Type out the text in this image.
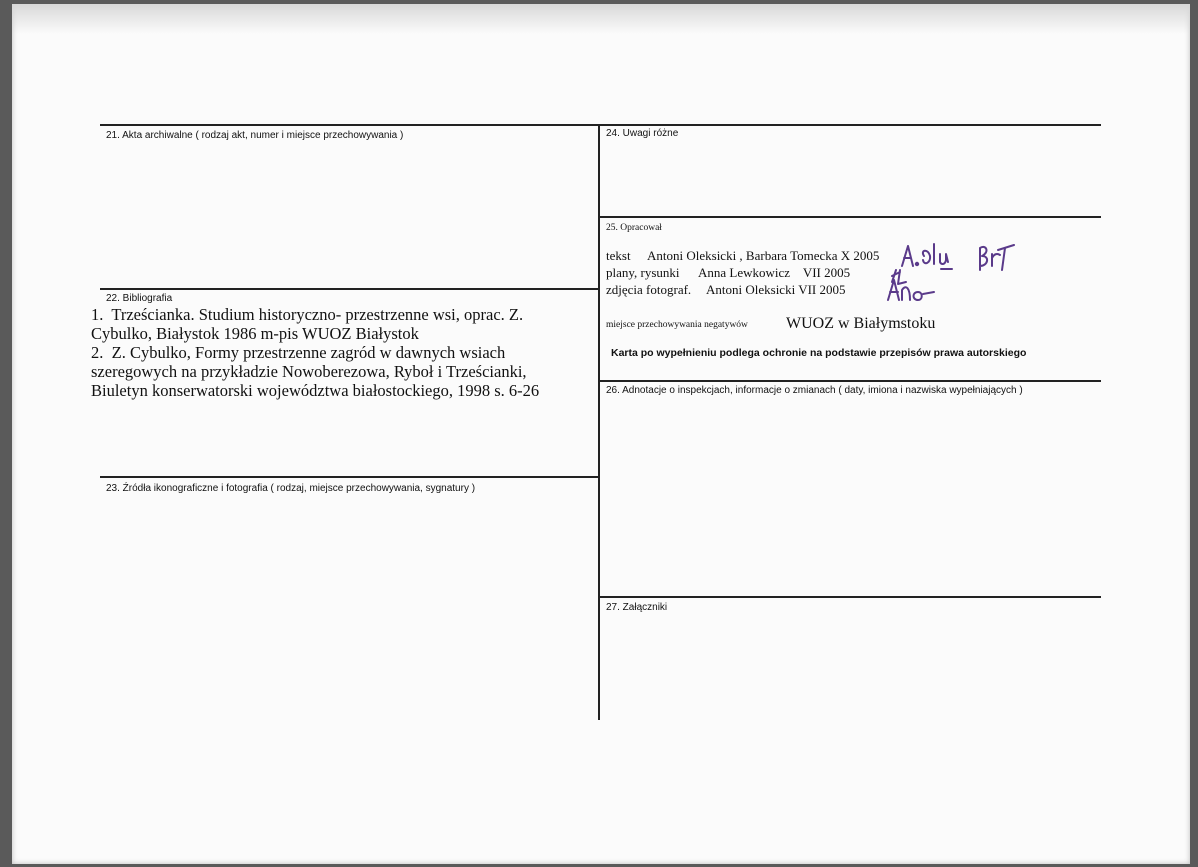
21. Akta archiwalne ( rodzaj akt, numer i miejsce przechowywania )	24. Uwagi różne
25. Opracował
tekst Antoni Oleksicki , Barbara Tomecka X 2005
plany, rysunki Anna Lewkowicz    VII 2005
zdjęcia fotograf. Antoni Oleksicki VII 2005
miejsce przechowywania negatywów WUOZ w Białymstoku
Karta po wypełnieniu podlega ochronie na podstawie przepisów prawa autorskiego
22. Bibliografia

1.  Trześcianka. Studium historyczno- przestrzenne wsi, oprac. Z.

Cybulko, Białystok 1986 m-pis WUOZ Białystok

2.  Z. Cybulko, Formy przestrzenne zagród w dawnych wsiach

szeregowych na przykładzie Nowoberezowa, Ryboł i Trześcianki,

Biuletyn konserwatorski województwa białostockiego, 1998 s. 6-26	26. Adnotacje o inspekcjach, informacje o zmianach ( daty, imiona i nazwiska wypełniających )
23. Źródła ikonograficzne i fotografia ( rodzaj, miejsce przechowywania, sygnatury )
27. Załączniki
